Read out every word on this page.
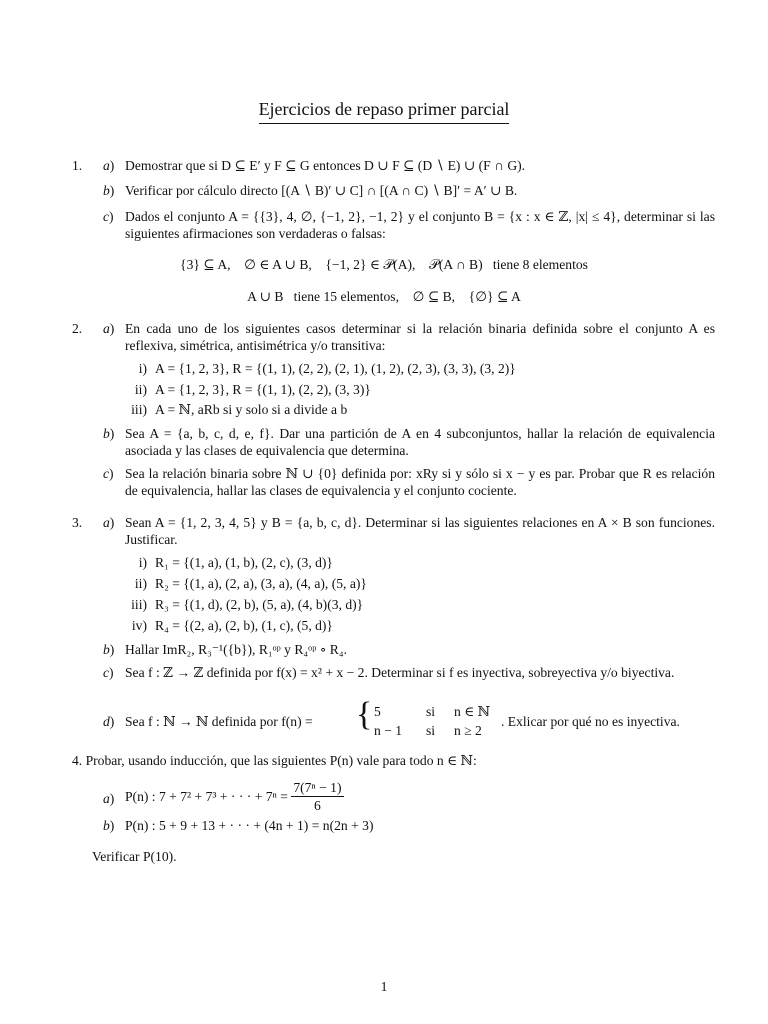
Ejercicios de repaso primer parcial
1. a) Demostrar que si D ⊆ E′ y F ⊆ G entonces D ∪ F ⊆ (D ∖ E) ∪ (F ∩ G).
b) Verificar por cálculo directo [(A ∖ B)′ ∪ C] ∩ [(A ∩ C) ∖ B]′ = A′ ∪ B.
c) Dados el conjunto A = {{3}, 4, ∅, {−1, 2}, −1, 2} y el conjunto B = {x : x ∈ ℤ, |x| ≤ 4}, determinar si las siguientes afirmaciones son verdaderas o falsas:
{3} ⊆ A,    ∅ ∈ A ∪ B,    {−1, 2} ∈ 𝒫(A),    𝒫(A ∩ B)   tiene 8 elementos
A ∪ B   tiene 15 elementos,    ∅ ⊆ B,    {∅} ⊆ A
2. a) En cada uno de los siguientes casos determinar si la relación binaria definida sobre el conjunto A es reflexiva, simétrica, antisimétrica y/o transitiva:
i) A = {1, 2, 3}, R = {(1, 1), (2, 2), (2, 1), (1, 2), (2, 3), (3, 3), (3, 2)}
ii) A = {1, 2, 3}, R = {(1, 1), (2, 2), (3, 3)}
iii) A = ℕ, aRb si y solo si a divide a b
b) Sea A = {a, b, c, d, e, f}. Dar una partición de A en 4 subconjuntos, hallar la relación de equivalencia asociada y las clases de equivalencia que determina.
c) Sea la relación binaria sobre ℕ ∪ {0} definida por: xRy si y sólo si x − y es par. Probar que R es relación de equivalencia, hallar las clases de equivalencia y el conjunto cociente.
3. a) Sean A = {1, 2, 3, 4, 5} y B = {a, b, c, d}. Determinar si las siguientes relaciones en A × B son funciones. Justificar.
i) R₁ = {(1, a), (1, b), (2, c), (3, d)}
ii) R₂ = {(1, a), (2, a), (3, a), (4, a), (5, a)}
iii) R₃ = {(1, d), (2, b), (5, a), (4, b)(3, d)}
iv) R₄ = {(2, a), (2, b), (1, c), (5, d)}
b) Hallar ImR₂, R₃⁻¹({b}), R₁ᵒᵖ y R₄ᵒᵖ ∘ R₄.
c) Sea f : ℤ → ℤ definida por f(x) = x² + x − 2. Determinar si f es inyectiva, sobreyectiva y/o biyectiva.
d) Sea f : ℕ → ℕ definida por f(n) = { 5	si n ∈ ℕ
n − 1 si n ≥ 2
. Exlicar por qué no es inyectiva.
4. Probar, usando inducción, que las siguientes P(n) vale para todo n ∈ ℕ:
a) P(n) : 7 + 7² + 7³ + · · · + $7^n = \frac{\text{7(7ⁿ − 1)}}{6}$
b) P(n) : 5 + 9 + 13 + · · · + (4n + 1) = n(2n + 3)
Verificar P(10).
1
